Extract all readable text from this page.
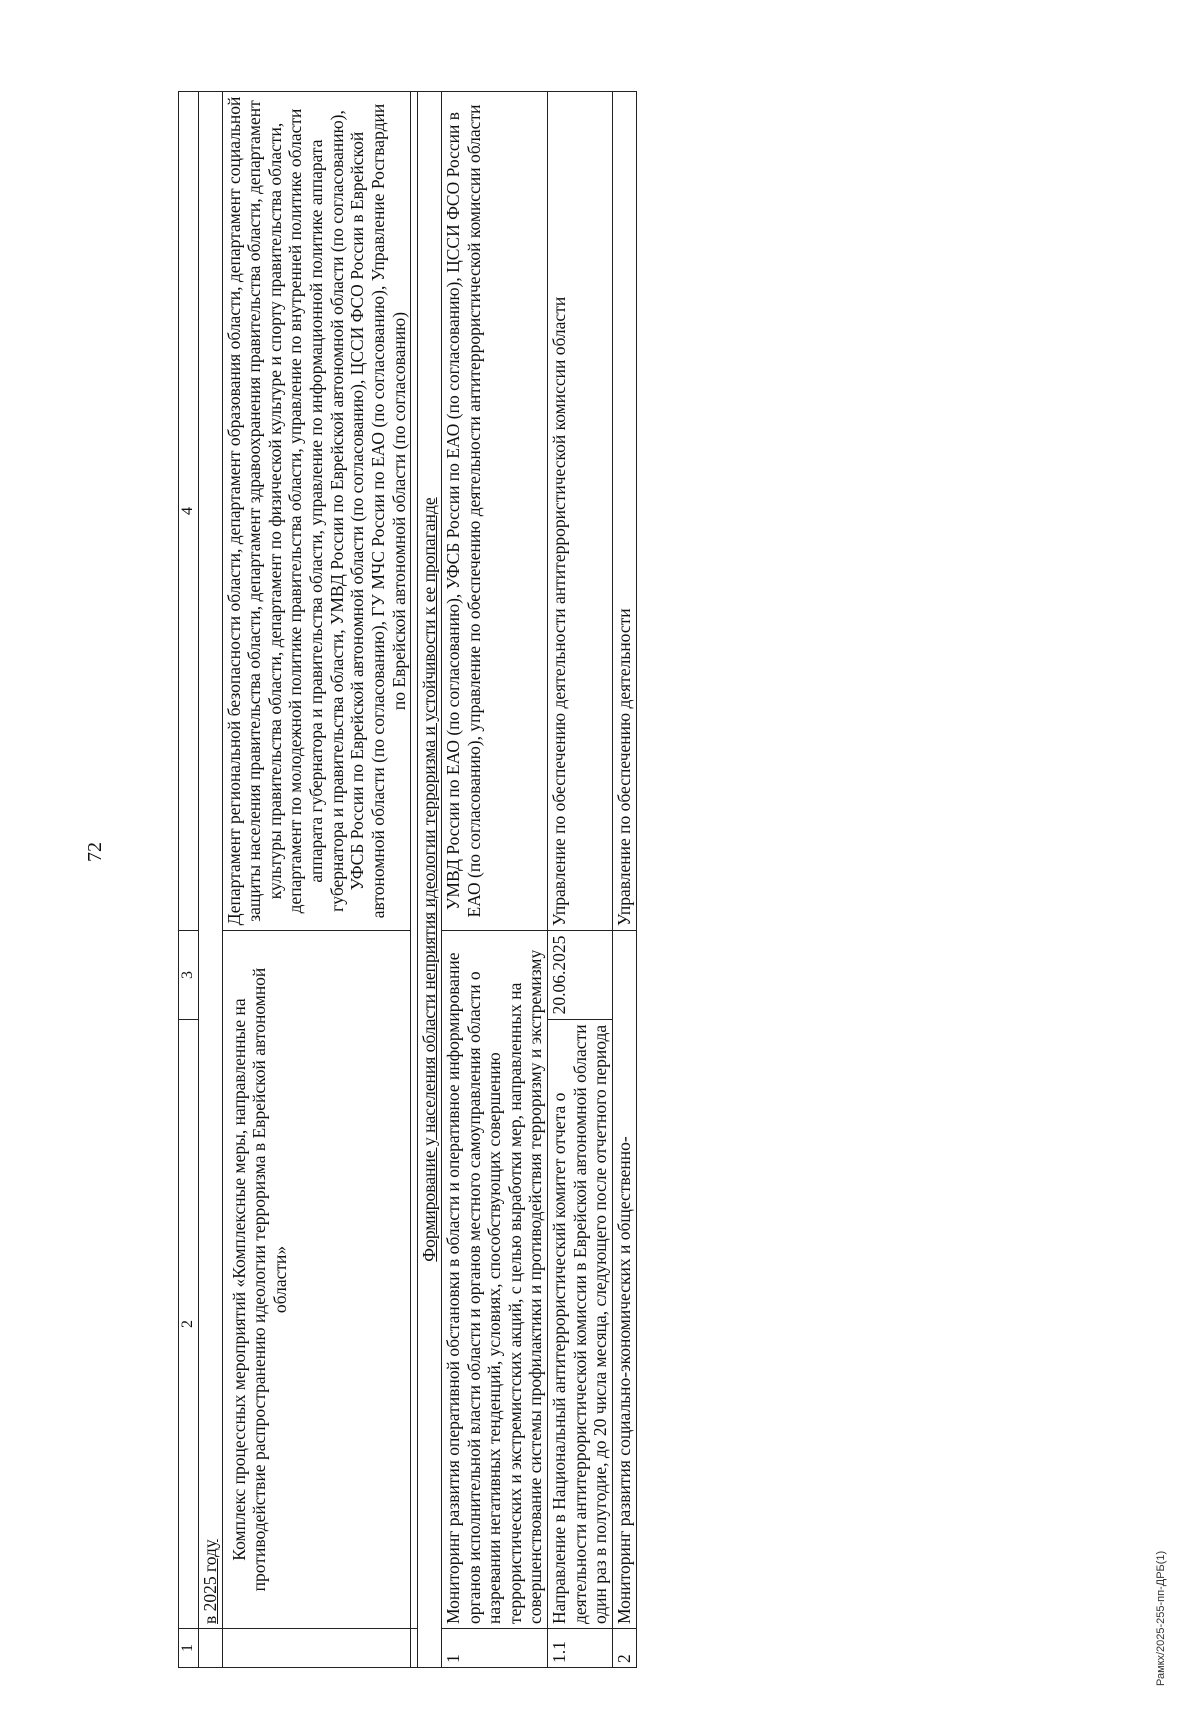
72
1	2	3	4
	в 2025 году		
	Комплекс процессных мероприятий «Комплексные меры, направленные на противодействие распространению идеологии терроризма в Еврейской автономной области»		Департамент региональной безопасности области, департамент образования области, департамент социальной защиты населения правительства области, департамент здравоохранения правительства области, департамент культуры правительства области, департамент по физической культуре и спорту правительства области, департамент по молодежной политике правительства области, управление по внутренней политике области аппарата губернатора и правительства области, управление по информационной политике аппарата губернатора и правительства области, УМВД России по Еврейской автономной области (по согласованию), УФСБ России по Еврейской автономной области (по согласованию), ЦССИ ФСО России в Еврейской автономной области (по согласованию), ГУ МЧС России по ЕАО (по согласованию), Управление Росгвардии по Еврейской автономной области (по согласованию)

Формирование у населения области неприятия идеологии терроризма и устойчивости к ее пропаганде			
1	Мониторинг развития оперативной обстановки в области и оперативное информирование органов исполнительной власти области и органов местного самоуправления области о назревании негативных тенденций, условиях, способствующих совершению террористических и экстремистских акций, с целью выработки мер, направленных на совершенствование системы профилактики и противодействия терроризму и экстремизму		УМВД России по ЕАО (по согласованию), УФСБ России по ЕАО (по согласованию), ЦССИ ФСО России в ЕАО (по согласованию), управление по обеспечению деятельности антитеррористической комиссии области
1.1	Направление в Национальный антитеррористический комитет отчета о деятельности антитеррористической комиссии в Еврейской автономной области один раз в полугодие, до 20 числа месяца, следующего после отчетного периода	20.06.2025	Управление по обеспечению деятельности антитеррористической комиссии области
2	Мониторинг развития социально-экономических и общественно-		Управление по обеспечению деятельности
Рамкх/2025-255-пп-ДРБ(1)
